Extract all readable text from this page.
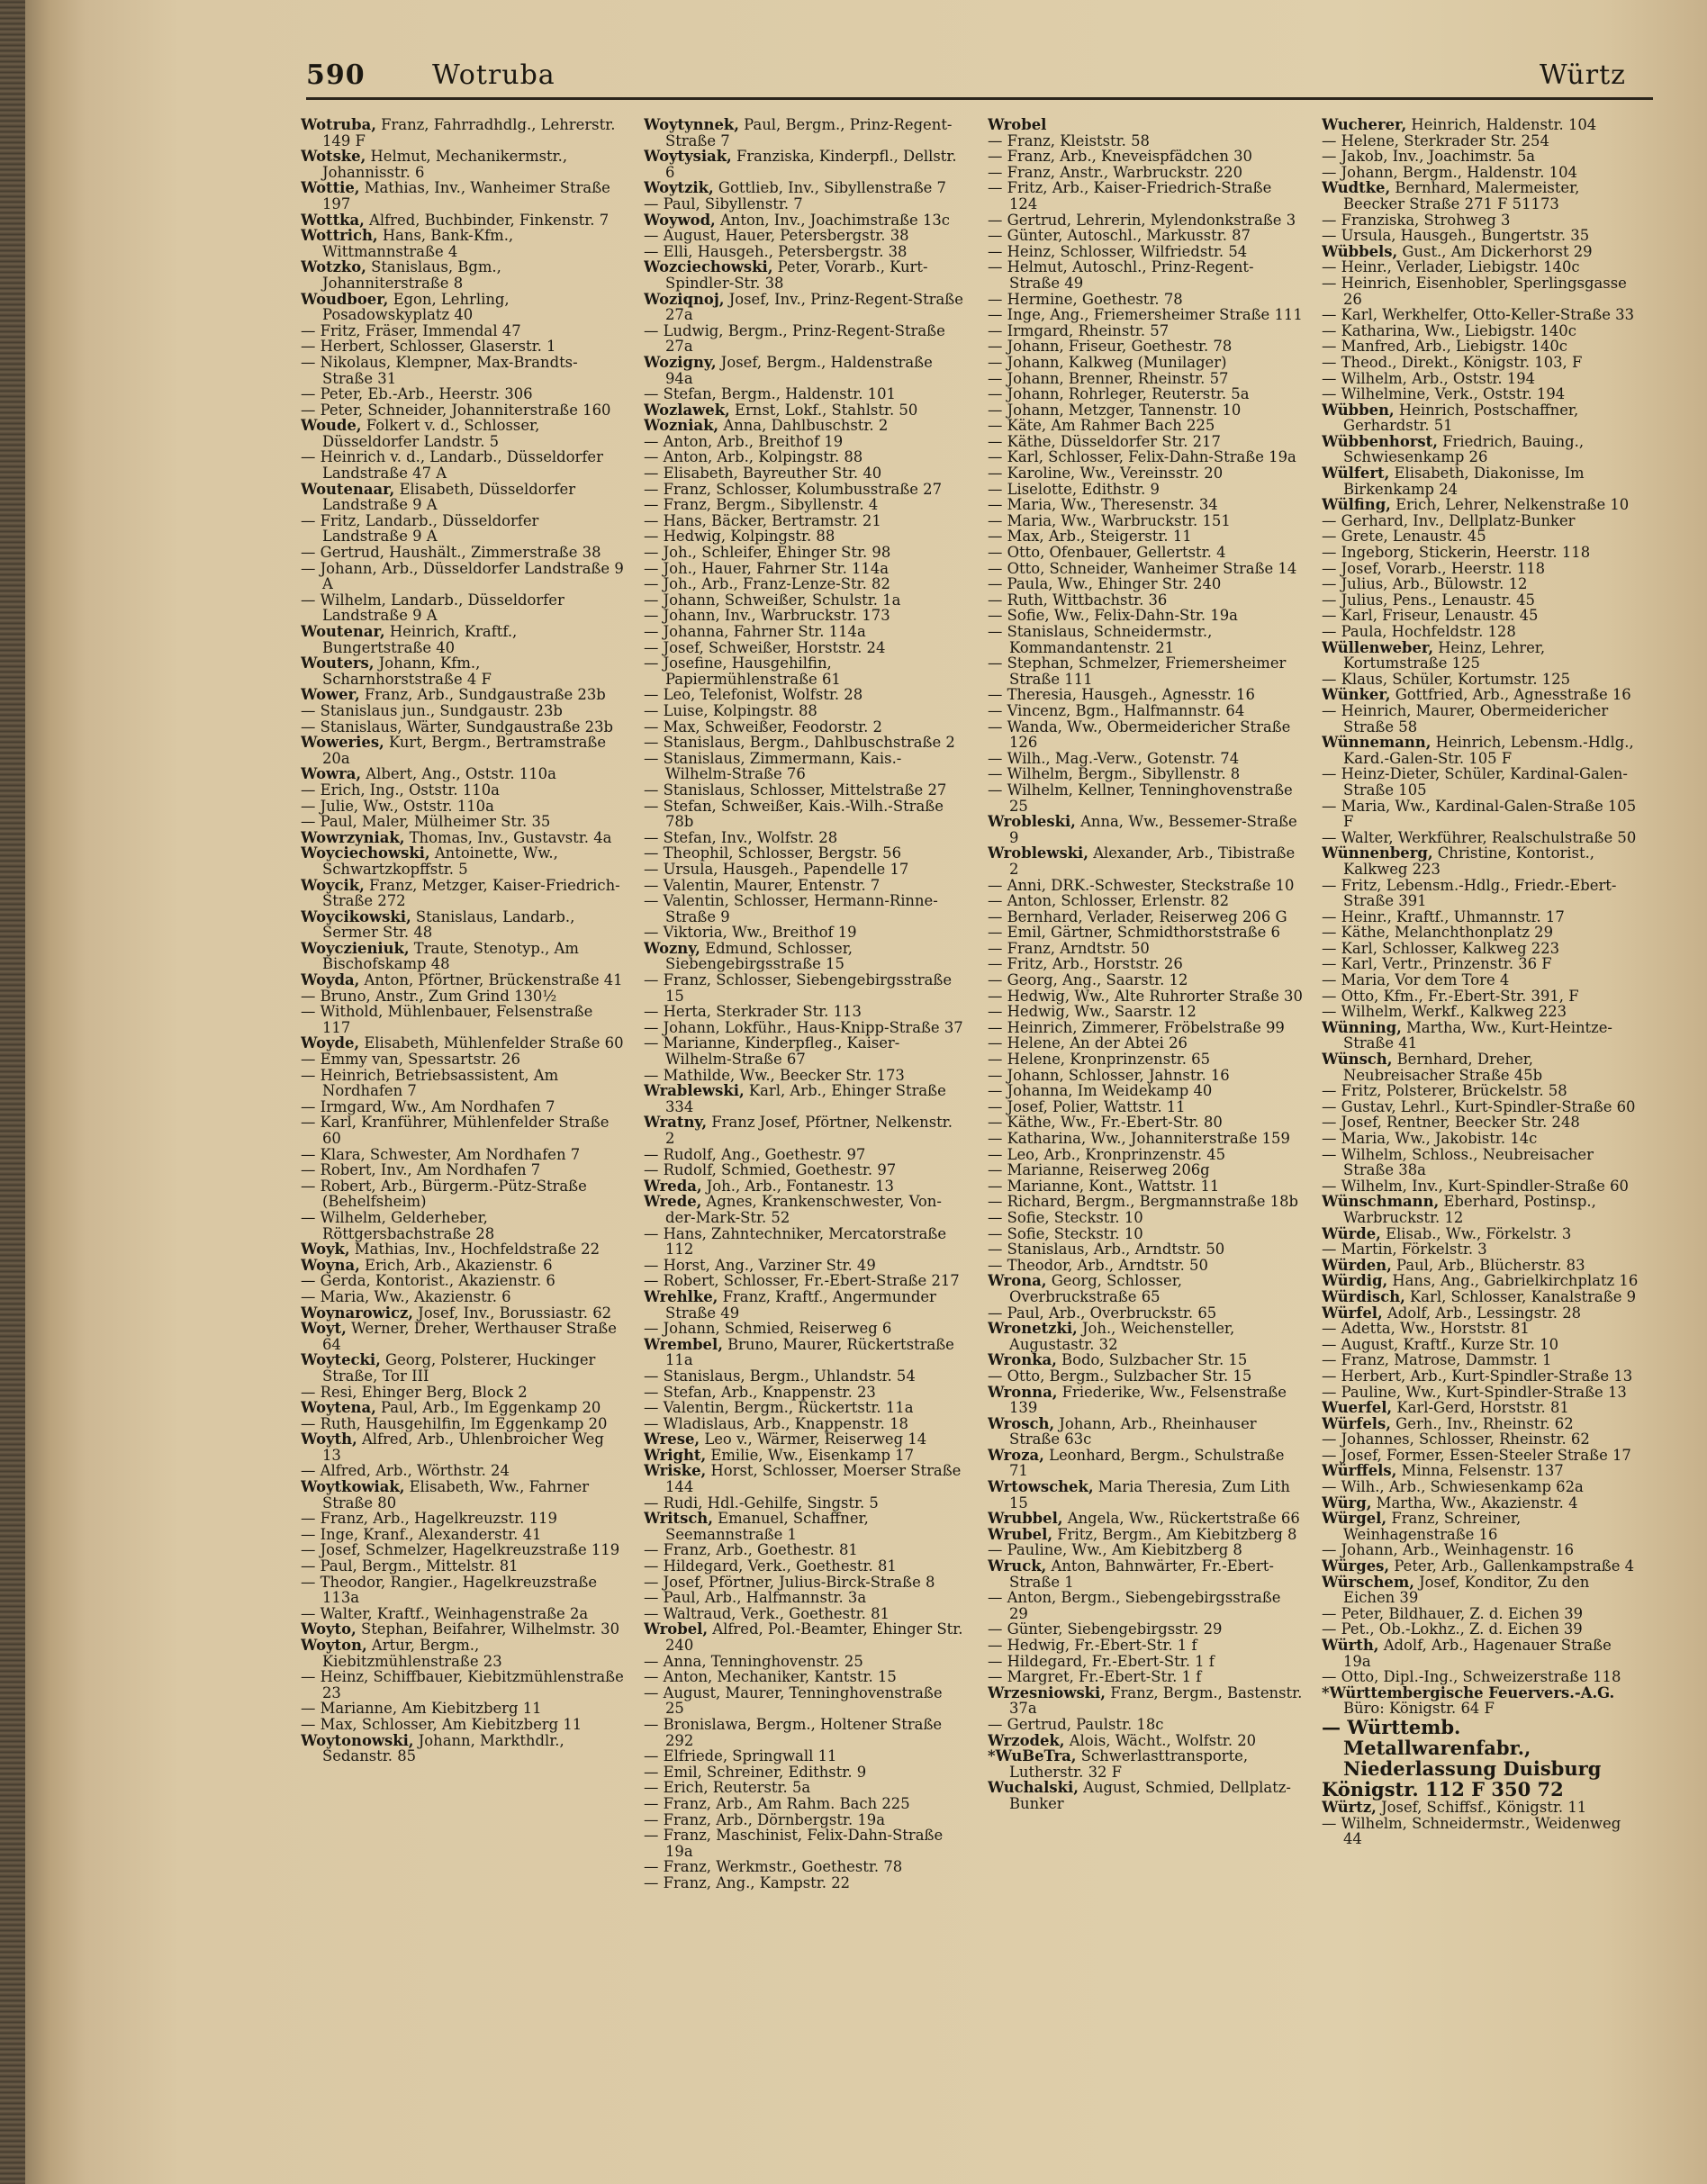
590 Wotruba	Würtz

Wotruba, Franz, Fahrradhdlg., Lehrerstr. 149 F

Wotske, Helmut, Mechanikermstr., Johannisstr. 6

Wottie, Mathias, Inv., Wanheimer Straße 197

Wottka, Alfred, Buchbinder, Finkenstr. 7

Wottrich, Hans, Bank-Kfm., Wittmannstraße 4

Wotzko, Stanislaus, Bgm., Johanniterstraße 8

Woudboer, Egon, Lehrling, Posadowskyplatz 40

— Fritz, Fräser, Immendal 47

— Herbert, Schlosser, Glaserstr. 1

— Nikolaus, Klempner, Max-Brandts-Straße 31

— Peter, Eb.-Arb., Heerstr. 306

— Peter, Schneider, Johanniterstraße 160

Woude, Folkert v. d., Schlosser, Düsseldorfer Landstr. 5

— Heinrich v. d., Landarb., Düsseldorfer Landstraße 47 A

Woutenaar, Elisabeth, Düsseldorfer Landstraße 9 A

— Fritz, Landarb., Düsseldorfer Landstraße 9 A

— Gertrud, Haushält., Zimmerstraße 38

— Johann, Arb., Düsseldorfer Landstraße 9 A

— Wilhelm, Landarb., Düsseldorfer Landstraße 9 A

Woutenar, Heinrich, Kraftf., Bungertstraße 40

Wouters, Johann, Kfm., Scharnhorststraße 4 F

Wower, Franz, Arb., Sundgaustraße 23b

— Stanislaus jun., Sundgaustr. 23b

— Stanislaus, Wärter, Sundgaustraße 23b

Woweries, Kurt, Bergm., Bertramstraße 20a

Wowra, Albert, Ang., Oststr. 110a

— Erich, Ing., Oststr. 110a

— Julie, Ww., Oststr. 110a

— Paul, Maler, Mülheimer Str. 35

Wowrzyniak, Thomas, Inv., Gustavstr. 4a

Woyciechowski, Antoinette, Ww., Schwartzkopffstr. 5

Woycik, Franz, Metzger, Kaiser-Friedrich-Straße 272

Woycikowski, Stanislaus, Landarb., Sermer Str. 48

Woyczieniuk, Traute, Stenotyp., Am Bischofskamp 48

Woyda, Anton, Pförtner, Brückenstraße 41

— Bruno, Anstr., Zum Grind 130½

— Withold, Mühlenbauer, Felsenstraße 117

Woyde, Elisabeth, Mühlenfelder Straße 60

— Emmy van, Spessartstr. 26

— Heinrich, Betriebsassistent, Am Nordhafen 7

— Irmgard, Ww., Am Nordhafen 7

— Karl, Kranführer, Mühlenfelder Straße 60

— Klara, Schwester, Am Nordhafen 7

— Robert, Inv., Am Nordhafen 7

— Robert, Arb., Bürgerm.-Pütz-Straße (Behelfsheim)

— Wilhelm, Gelderheber, Röttgersbachstraße 28

Woyk, Mathias, Inv., Hochfeldstraße 22

Woyna, Erich, Arb., Akazienstr. 6

— Gerda, Kontorist., Akazienstr. 6

— Maria, Ww., Akazienstr. 6

Woynarowicz, Josef, Inv., Borussiastr. 62

Woyt, Werner, Dreher, Werthauser Straße 64

Woytecki, Georg, Polsterer, Huckinger Straße, Tor III

— Resi, Ehinger Berg, Block 2

Woytena, Paul, Arb., Im Eggenkamp 20

— Ruth, Hausgehilfin, Im Eggenkamp 20

Woyth, Alfred, Arb., Uhlenbroicher Weg 13

— Alfred, Arb., Wörthstr. 24

Woytkowiak, Elisabeth, Ww., Fahrner Straße 80

— Franz, Arb., Hagelkreuzstr. 119

— Inge, Kranf., Alexanderstr. 41

— Josef, Schmelzer, Hagelkreuzstraße 119

— Paul, Bergm., Mittelstr. 81

— Theodor, Rangier., Hagelkreuzstraße 113a

— Walter, Kraftf., Weinhagenstraße 2a

Woyto, Stephan, Beifahrer, Wilhelmstr. 30

Woyton, Artur, Bergm., Kiebitzmühlenstraße 23

— Heinz, Schiffbauer, Kiebitzmühlenstraße 23

— Marianne, Am Kiebitzberg 11

— Max, Schlosser, Am Kiebitzberg 11

Woytonowski, Johann, Markthdlr., Sedanstr. 85

Woytynnek, Paul, Bergm., Prinz-Regent-Straße 7

Woytysiak, Franziska, Kinderpfl., Dellstr. 6

Woytzik, Gottlieb, Inv., Sibyllenstraße 7

— Paul, Sibyllenstr. 7

Woywod, Anton, Inv., Joachimstraße 13c

— August, Hauer, Petersbergstr. 38

— Elli, Hausgeh., Petersbergstr. 38

Wozciechowski, Peter, Vorarb., Kurt-Spindler-Str. 38

Woziqnoj, Josef, Inv., Prinz-Regent-Straße 27a

— Ludwig, Bergm., Prinz-Regent-Straße 27a

Wozigny, Josef, Bergm., Haldenstraße 94a

— Stefan, Bergm., Haldenstr. 101

Wozlawek, Ernst, Lokf., Stahlstr. 50

Wozniak, Anna, Dahlbuschstr. 2

— Anton, Arb., Breithof 19

— Anton, Arb., Kolpingstr. 88

— Elisabeth, Bayreuther Str. 40

— Franz, Schlosser, Kolumbusstraße 27

— Franz, Bergm., Sibyllenstr. 4

— Hans, Bäcker, Bertramstr. 21

— Hedwig, Kolpingstr. 88

— Joh., Schleifer, Ehinger Str. 98

— Joh., Hauer, Fahrner Str. 114a

— Joh., Arb., Franz-Lenze-Str. 82

— Johann, Schweißer, Schulstr. 1a

— Johann, Inv., Warbruckstr. 173

— Johanna, Fahrner Str. 114a

— Josef, Schweißer, Horststr. 24

— Josefine, Hausgehilfin, Papiermühlenstraße 61

— Leo, Telefonist, Wolfstr. 28

— Luise, Kolpingstr. 88

— Max, Schweißer, Feodorstr. 2

— Stanislaus, Bergm., Dahlbuschstraße 2

— Stanislaus, Zimmermann, Kais.-Wilhelm-Straße 76

— Stanislaus, Schlosser, Mittelstraße 27

— Stefan, Schweißer, Kais.-Wilh.-Straße 78b

— Stefan, Inv., Wolfstr. 28

— Theophil, Schlosser, Bergstr. 56

— Ursula, Hausgeh., Papendelle 17

— Valentin, Maurer, Entenstr. 7

— Valentin, Schlosser, Hermann-Rinne-Straße 9

— Viktoria, Ww., Breithof 19

Wozny, Edmund, Schlosser, Siebengebirgsstraße 15

— Franz, Schlosser, Siebengebirgsstraße 15

— Herta, Sterkrader Str. 113

— Johann, Lokführ., Haus-Knipp-Straße 37

— Marianne, Kinderpfleg., Kaiser-Wilhelm-Straße 67

— Mathilde, Ww., Beecker Str. 173

Wrablewski, Karl, Arb., Ehinger Straße 334

Wratny, Franz Josef, Pförtner, Nelkenstr. 2

— Rudolf, Ang., Goethestr. 97

— Rudolf, Schmied, Goethestr. 97

Wreda, Joh., Arb., Fontanestr. 13

Wrede, Agnes, Krankenschwester, Von-der-Mark-Str. 52

— Hans, Zahntechniker, Mercatorstraße 112

— Horst, Ang., Varziner Str. 49

— Robert, Schlosser, Fr.-Ebert-Straße 217

Wrehlke, Franz, Kraftf., Angermunder Straße 49

— Johann, Schmied, Reiserweg 6

Wrembel, Bruno, Maurer, Rückertstraße 11a

— Stanislaus, Bergm., Uhlandstr. 54

— Stefan, Arb., Knappenstr. 23

— Valentin, Bergm., Rückertstr. 11a

— Wladislaus, Arb., Knappenstr. 18

Wrese, Leo v., Wärmer, Reiserweg 14

Wright, Emilie, Ww., Eisenkamp 17

Wriske, Horst, Schlosser, Moerser Straße 144

— Rudi, Hdl.-Gehilfe, Singstr. 5

Writsch, Emanuel, Schaffner, Seemannstraße 1

— Franz, Arb., Goethestr. 81

— Hildegard, Verk., Goethestr. 81

— Josef, Pförtner, Julius-Birck-Straße 8

— Paul, Arb., Halfmannstr. 3a

— Waltraud, Verk., Goethestr. 81

Wrobel, Alfred, Pol.-Beamter, Ehinger Str. 240

— Anna, Tenninghovenstr. 25

— Anton, Mechaniker, Kantstr. 15

— August, Maurer, Tenninghovenstraße 25

— Bronislawa, Bergm., Holtener Straße 292

— Elfriede, Springwall 11

— Emil, Schreiner, Edithstr. 9

— Erich, Reuterstr. 5a

— Franz, Arb., Am Rahm. Bach 225

— Franz, Arb., Dörnbergstr. 19a

— Franz, Maschinist, Felix-Dahn-Straße 19a

— Franz, Werkmstr., Goethestr. 78

— Franz, Ang., Kampstr. 22

Wrobel

— Franz, Kleiststr. 58

— Franz, Arb., Kneveispfädchen 30

— Franz, Anstr., Warbruckstr. 220

— Fritz, Arb., Kaiser-Friedrich-Straße 124

— Gertrud, Lehrerin, Mylendonkstraße 3

— Günter, Autoschl., Markusstr. 87

— Heinz, Schlosser, Wilfriedstr. 54

— Helmut, Autoschl., Prinz-Regent-Straße 49

— Hermine, Goethestr. 78

— Inge, Ang., Friemersheimer Straße 111

— Irmgard, Rheinstr. 57

— Johann, Friseur, Goethestr. 78

— Johann, Kalkweg (Munilager)

— Johann, Brenner, Rheinstr. 57

— Johann, Rohrleger, Reuterstr. 5a

— Johann, Metzger, Tannenstr. 10

— Käte, Am Rahmer Bach 225

— Käthe, Düsseldorfer Str. 217

— Karl, Schlosser, Felix-Dahn-Straße 19a

— Karoline, Ww., Vereinsstr. 20

— Liselotte, Edithstr. 9

— Maria, Ww., Theresenstr. 34

— Maria, Ww., Warbruckstr. 151

— Max, Arb., Steigerstr. 11

— Otto, Ofenbauer, Gellertstr. 4

— Otto, Schneider, Wanheimer Straße 14

— Paula, Ww., Ehinger Str. 240

— Ruth, Wittbachstr. 36

— Sofie, Ww., Felix-Dahn-Str. 19a

— Stanislaus, Schneidermstr., Kommandantenstr. 21

— Stephan, Schmelzer, Friemersheimer Straße 111

— Theresia, Hausgeh., Agnesstr. 16

— Vincenz, Bgm., Halfmannstr. 64

— Wanda, Ww., Obermeidericher Straße 126

— Wilh., Mag.-Verw., Gotenstr. 74

— Wilhelm, Bergm., Sibyllenstr. 8

— Wilhelm, Kellner, Tenninghovenstraße 25

Wrobleski, Anna, Ww., Bessemer-Straße 9

Wroblewski, Alexander, Arb., Tibistraße 2

— Anni, DRK.-Schwester, Steckstraße 10

— Anton, Schlosser, Erlenstr. 82

— Bernhard, Verlader, Reiserweg 206 G

— Emil, Gärtner, Schmidthorststraße 6

— Franz, Arndtstr. 50

— Fritz, Arb., Horststr. 26

— Georg, Ang., Saarstr. 12

— Hedwig, Ww., Alte Ruhrorter Straße 30

— Hedwig, Ww., Saarstr. 12

— Heinrich, Zimmerer, Fröbelstraße 99

— Helene, An der Abtei 26

— Helene, Kronprinzenstr. 65

— Johann, Schlosser, Jahnstr. 16

— Johanna, Im Weidekamp 40

— Josef, Polier, Wattstr. 11

— Käthe, Ww., Fr.-Ebert-Str. 80

— Katharina, Ww., Johanniterstraße 159

— Leo, Arb., Kronprinzenstr. 45

— Marianne, Reiserweg 206g

— Marianne, Kont., Wattstr. 11

— Richard, Bergm., Bergmannstraße 18b

— Sofie, Steckstr. 10

— Sofie, Steckstr. 10

— Stanislaus, Arb., Arndtstr. 50

— Theodor, Arb., Arndtstr. 50

Wrona, Georg, Schlosser, Overbruckstraße 65

— Paul, Arb., Overbruckstr. 65

Wronetzki, Joh., Weichensteller, Augustastr. 32

Wronka, Bodo, Sulzbacher Str. 15

— Otto, Bergm., Sulzbacher Str. 15

Wronna, Friederike, Ww., Felsenstraße 139

Wrosch, Johann, Arb., Rheinhauser Straße 63c

Wroza, Leonhard, Bergm., Schulstraße 71

Wrtowschek, Maria Theresia, Zum Lith 15

Wrubbel, Angela, Ww., Rückertstraße 66

Wrubel, Fritz, Bergm., Am Kiebitzberg 8

— Pauline, Ww., Am Kiebitzberg 8

Wruck, Anton, Bahnwärter, Fr.-Ebert-Straße 1

— Anton, Bergm., Siebengebirgsstraße 29

— Günter, Siebengebirgsstr. 29

— Hedwig, Fr.-Ebert-Str. 1 f

— Hildegard, Fr.-Ebert-Str. 1 f

— Margret, Fr.-Ebert-Str. 1 f

Wrzesniowski, Franz, Bergm., Bastenstr. 37a

— Gertrud, Paulstr. 18c

Wrzodek, Alois, Wächt., Wolfstr. 20

*WuBeTra, Schwerlasttransporte, Lutherstr. 32 F

Wuchalski, August, Schmied, Dellplatz-Bunker

Wucherer, Heinrich, Haldenstr. 104

— Helene, Sterkrader Str. 254

— Jakob, Inv., Joachimstr. 5a

— Johann, Bergm., Haldenstr. 104

Wudtke, Bernhard, Malermeister, Beecker Straße 271 F 51173

— Franziska, Strohweg 3

— Ursula, Hausgeh., Bungertstr. 35

Wübbels, Gust., Am Dickerhorst 29

— Heinr., Verlader, Liebigstr. 140c

— Heinrich, Eisenhobler, Sperlingsgasse 26

— Karl, Werkhelfer, Otto-Keller-Straße 33

— Katharina, Ww., Liebigstr. 140c

— Manfred, Arb., Liebigstr. 140c

— Theod., Direkt., Königstr. 103, F

— Wilhelm, Arb., Oststr. 194

— Wilhelmine, Verk., Oststr. 194

Wübben, Heinrich, Postschaffner, Gerhardstr. 51

Wübbenhorst, Friedrich, Bauing., Schwiesenkamp 26

Wülfert, Elisabeth, Diakonisse, Im Birkenkamp 24

Wülfing, Erich, Lehrer, Nelkenstraße 10

— Gerhard, Inv., Dellplatz-Bunker

— Grete, Lenaustr. 45

— Ingeborg, Stickerin, Heerstr. 118

— Josef, Vorarb., Heerstr. 118

— Julius, Arb., Bülowstr. 12

— Julius, Pens., Lenaustr. 45

— Karl, Friseur, Lenaustr. 45

— Paula, Hochfeldstr. 128

Wüllenweber, Heinz, Lehrer, Kortumstraße 125

— Klaus, Schüler, Kortumstr. 125

Wünker, Gottfried, Arb., Agnesstraße 16

— Heinrich, Maurer, Obermeidericher Straße 58

Wünnemann, Heinrich, Lebensm.-Hdlg., Kard.-Galen-Str. 105 F

— Heinz-Dieter, Schüler, Kardinal-Galen-Straße 105

— Maria, Ww., Kardinal-Galen-Straße 105 F

— Walter, Werkführer, Realschulstraße 50

Wünnenberg, Christine, Kontorist., Kalkweg 223

— Fritz, Lebensm.-Hdlg., Friedr.-Ebert-Straße 391

— Heinr., Kraftf., Uhmannstr. 17

— Käthe, Melanchthonplatz 29

— Karl, Schlosser, Kalkweg 223

— Karl, Vertr., Prinzenstr. 36 F

— Maria, Vor dem Tore 4

— Otto, Kfm., Fr.-Ebert-Str. 391, F

— Wilhelm, Werkf., Kalkweg 223

Wünning, Martha, Ww., Kurt-Heintze-Straße 41

Wünsch, Bernhard, Dreher, Neubreisacher Straße 45b

— Fritz, Polsterer, Brückelstr. 58

— Gustav, Lehrl., Kurt-Spindler-Straße 60

— Josef, Rentner, Beecker Str. 248

— Maria, Ww., Jakobistr. 14c

— Wilhelm, Schloss., Neubreisacher Straße 38a

— Wilhelm, Inv., Kurt-Spindler-Straße 60

Wünschmann, Eberhard, Postinsp., Warbruckstr. 12

Würde, Elisab., Ww., Förkelstr. 3

— Martin, Förkelstr. 3

Würden, Paul, Arb., Blücherstr. 83

Würdig, Hans, Ang., Gabrielkirchplatz 16

Würdisch, Karl, Schlosser, Kanalstraße 9

Würfel, Adolf, Arb., Lessingstr. 28

— Adetta, Ww., Horststr. 81

— August, Kraftf., Kurze Str. 10

— Franz, Matrose, Dammstr. 1

— Herbert, Arb., Kurt-Spindler-Straße 13

— Pauline, Ww., Kurt-Spindler-Straße 13

Wuerfel, Karl-Gerd, Horststr. 81

Würfels, Gerh., Inv., Rheinstr. 62

— Johannes, Schlosser, Rheinstr. 62

— Josef, Former, Essen-Steeler Straße 17

Würffels, Minna, Felsenstr. 137

— Wilh., Arb., Schwiesenkamp 62a

Würg, Martha, Ww., Akazienstr. 4

Würgel, Franz, Schreiner, Weinhagenstraße 16

— Johann, Arb., Weinhagenstr. 16

Würges, Peter, Arb., Gallenkampstraße 4

Würschem, Josef, Konditor, Zu den Eichen 39

— Peter, Bildhauer, Z. d. Eichen 39

— Pet., Ob.-Lokhz., Z. d. Eichen 39

Würth, Adolf, Arb., Hagenauer Straße 19a

— Otto, Dipl.-Ing., Schweizerstraße 118

*Württembergische Feuervers.-A.G. Büro: Königstr. 64 F

— Württemb. Metallwarenfabr., Niederlassung Duisburg

Königstr. 112 F 350 72

Würtz, Josef, Schiffsf., Königstr. 11

— Wilhelm, Schneidermstr., Weidenweg 44
